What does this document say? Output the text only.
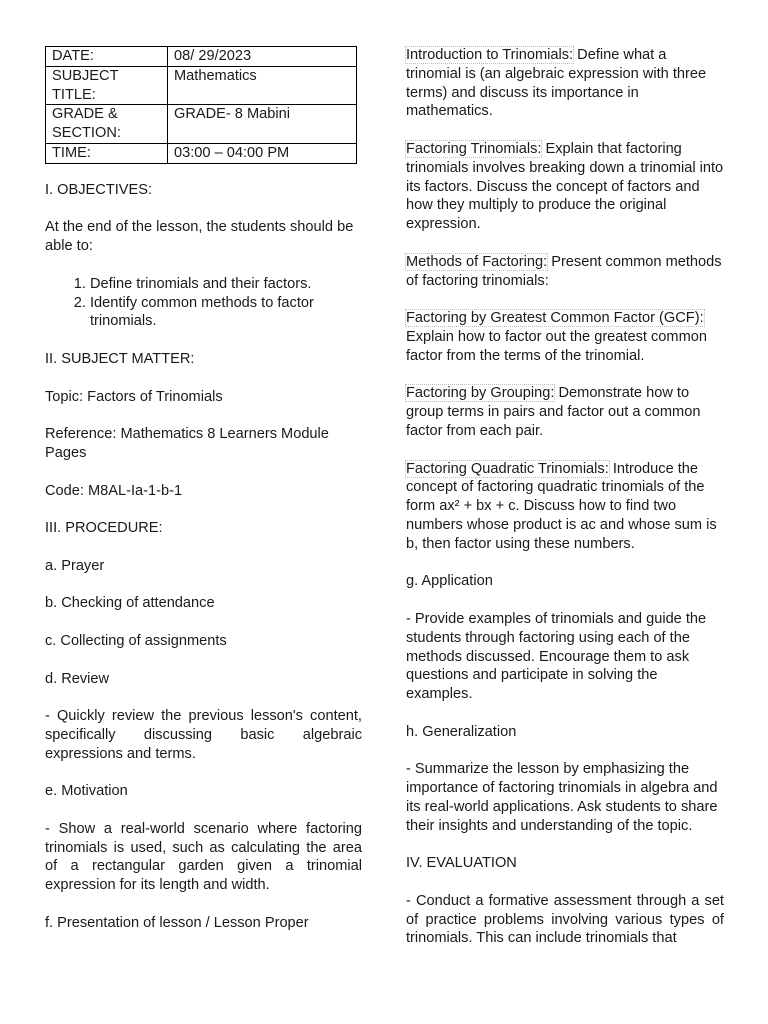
DATE:	08/ 29/2023
SUBJECT TITLE:	Mathematics
GRADE & SECTION:	GRADE- 8 Mabini
TIME:	03:00 – 04:00 PM

I. OBJECTIVES:

At the end of the lesson, the students should be able to:

1. Define trinomials and their factors.
2. Identify common methods to factor trinomials.

II. SUBJECT MATTER:

Topic: Factors of Trinomials

Reference: Mathematics 8 Learners Module Pages

Code: M8AL-Ia-1-b-1

III. PROCEDURE:

a. Prayer

b. Checking of attendance

c. Collecting of assignments

d. Review

- Quickly review the previous lesson's content, specifically discussing basic algebraic expressions and terms.

e. Motivation

- Show a real-world scenario where factoring trinomials is used, such as calculating the area of a rectangular garden given a trinomial expression for its length and width.

f. Presentation of lesson / Lesson Proper

Introduction to Trinomials: Define what a trinomial is (an algebraic expression with three terms) and discuss its importance in mathematics.

Factoring Trinomials: Explain that factoring trinomials involves breaking down a trinomial into its factors. Discuss the concept of factors and how they multiply to produce the original expression.

Methods of Factoring: Present common methods of factoring trinomials:

Factoring by Greatest Common Factor (GCF): Explain how to factor out the greatest common factor from the terms of the trinomial.

Factoring by Grouping: Demonstrate how to group terms in pairs and factor out a common factor from each pair.

Factoring Quadratic Trinomials: Introduce the concept of factoring quadratic trinomials of the form ax² + bx + c. Discuss how to find two numbers whose product is ac and whose sum is b, then factor using these numbers.

g. Application

- Provide examples of trinomials and guide the students through factoring using each of the methods discussed. Encourage them to ask questions and participate in solving the examples.

h. Generalization

- Summarize the lesson by emphasizing the importance of factoring trinomials in algebra and its real-world applications. Ask students to share their insights and understanding of the topic.

IV. EVALUATION

- Conduct a formative assessment through a set of practice problems involving various types of trinomials. This can include trinomials that
